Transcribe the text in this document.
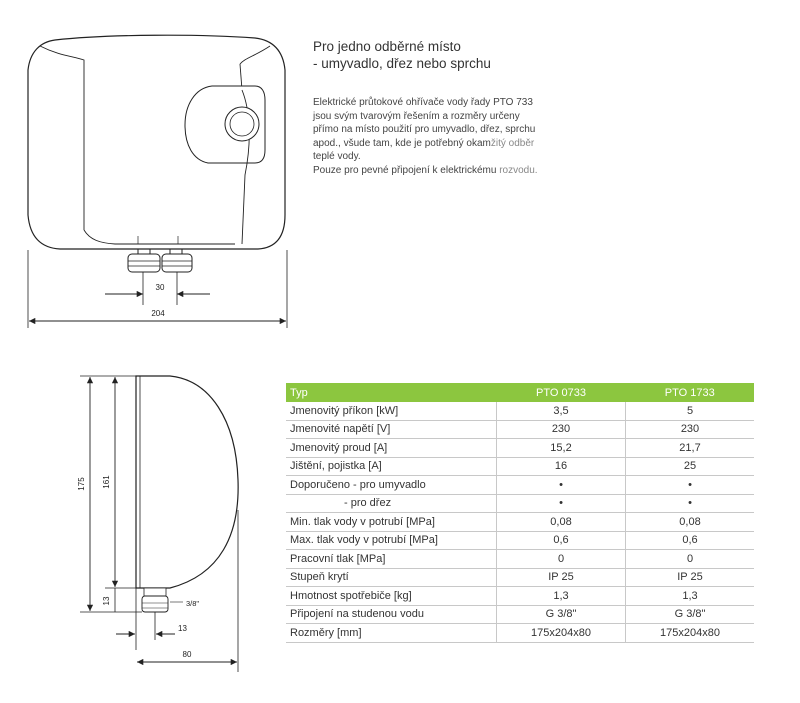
30
204
3/8"
175 161
13
13
80
Pro jedno odběrné místo
- umyvadlo, dřez nebo sprchu
Elektrické průtokové ohřívače vody řady PTO 733
jsou svým tvarovým řešením a rozměry určeny
přímo na místo použití pro umyvadlo, dřez, sprchu
apod., všude tam, kde je potřebný okamžitý odběr
teplé vody.
Pouze pro pevné připojení k elektrickému rozvodu.
Typ	PTO 0733	PTO 1733
Jmenovitý příkon [kW]	3,5	5
Jmenovité napětí [V]	230	230
Jmenovitý proud [A]	15,2	21,7
Jištění, pojistka [A]	16	25
Doporučeno - pro umyvadlo	•	•
- pro dřez	•	•
Min. tlak vody v potrubí [MPa]	0,08	0,08
Max. tlak vody v potrubí [MPa]	0,6	0,6
Pracovní tlak [MPa]	0	0
Stupeň krytí	IP 25	IP 25
Hmotnost spotřebiče [kg]	1,3	1,3
Připojení na studenou vodu	G 3/8"	G 3/8"
Rozměry [mm]	175x204x80	175x204x80
